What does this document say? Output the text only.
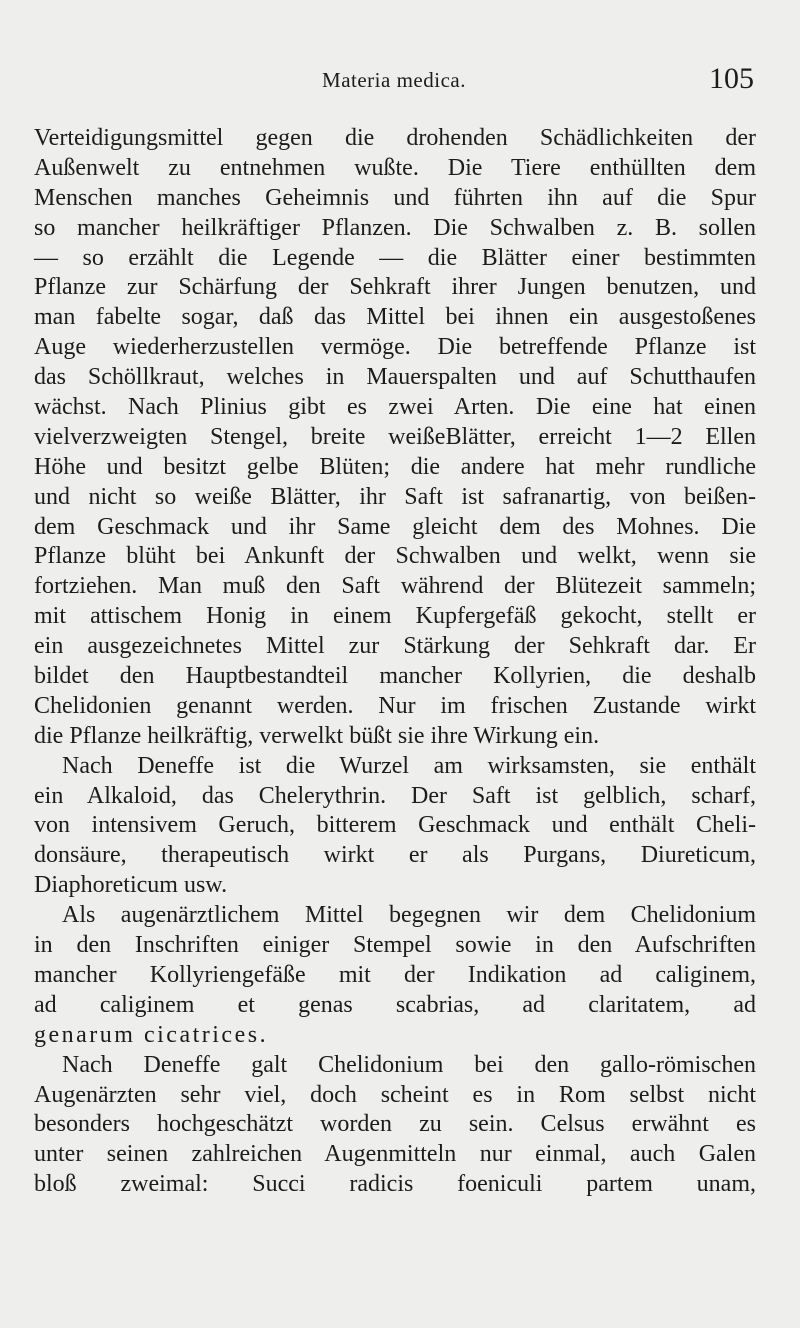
Materia medica.	105
Verteidigungsmittel gegen die drohenden Schädlichkeiten der
Außenwelt zu entnehmen wußte. Die Tiere enthüllten dem
Menschen manches Geheimnis und führten ihn auf die Spur
so mancher heilkräftiger Pflanzen. Die Schwalben z. B. sollen
— so erzählt die Legende — die Blätter einer bestimmten
Pflanze zur Schärfung der Sehkraft ihrer Jungen benutzen, und
man fabelte sogar, daß das Mittel bei ihnen ein ausgestoßenes
Auge wiederherzustellen vermöge. Die betreffende Pflanze ist
das Schöllkraut, welches in Mauerspalten und auf Schutthaufen
wächst. Nach Plinius gibt es zwei Arten. Die eine hat einen
vielverzweigten Stengel, breite weißeBlätter, erreicht 1—2 Ellen
Höhe und besitzt gelbe Blüten; die andere hat mehr rundliche
und nicht so weiße Blätter, ihr Saft ist safranartig, von beißen-
dem Geschmack und ihr Same gleicht dem des Mohnes. Die
Pflanze blüht bei Ankunft der Schwalben und welkt, wenn sie
fortziehen. Man muß den Saft während der Blütezeit sammeln;
mit attischem Honig in einem Kupfergefäß gekocht, stellt er
ein ausgezeichnetes Mittel zur Stärkung der Sehkraft dar. Er
bildet den Hauptbestandteil mancher Kollyrien, die deshalb
Chelidonien genannt werden. Nur im frischen Zustande wirkt
die Pflanze heilkräftig, verwelkt büßt sie ihre Wirkung ein.
Nach Deneffe ist die Wurzel am wirksamsten, sie enthält
ein Alkaloid, das Chelerythrin. Der Saft ist gelblich, scharf,
von intensivem Geruch, bitterem Geschmack und enthält Cheli-
donsäure, therapeutisch wirkt er als Purgans, Diureticum,
Diaphoreticum usw.
Als augenärztlichem Mittel begegnen wir dem Chelidonium
in den Inschriften einiger Stempel sowie in den Aufschriften
mancher Kollyriengefäße mit der Indikation ad caliginem,
ad caliginem et genas scabrias, ad claritatem, ad
genarum cicatrices.
Nach Deneffe galt Chelidonium bei den gallo-römischen
Augenärzten sehr viel, doch scheint es in Rom selbst nicht
besonders hochgeschätzt worden zu sein. Celsus erwähnt es
unter seinen zahlreichen Augenmitteln nur einmal, auch Galen
bloß zweimal: Succi radicis foeniculi partem unam,
